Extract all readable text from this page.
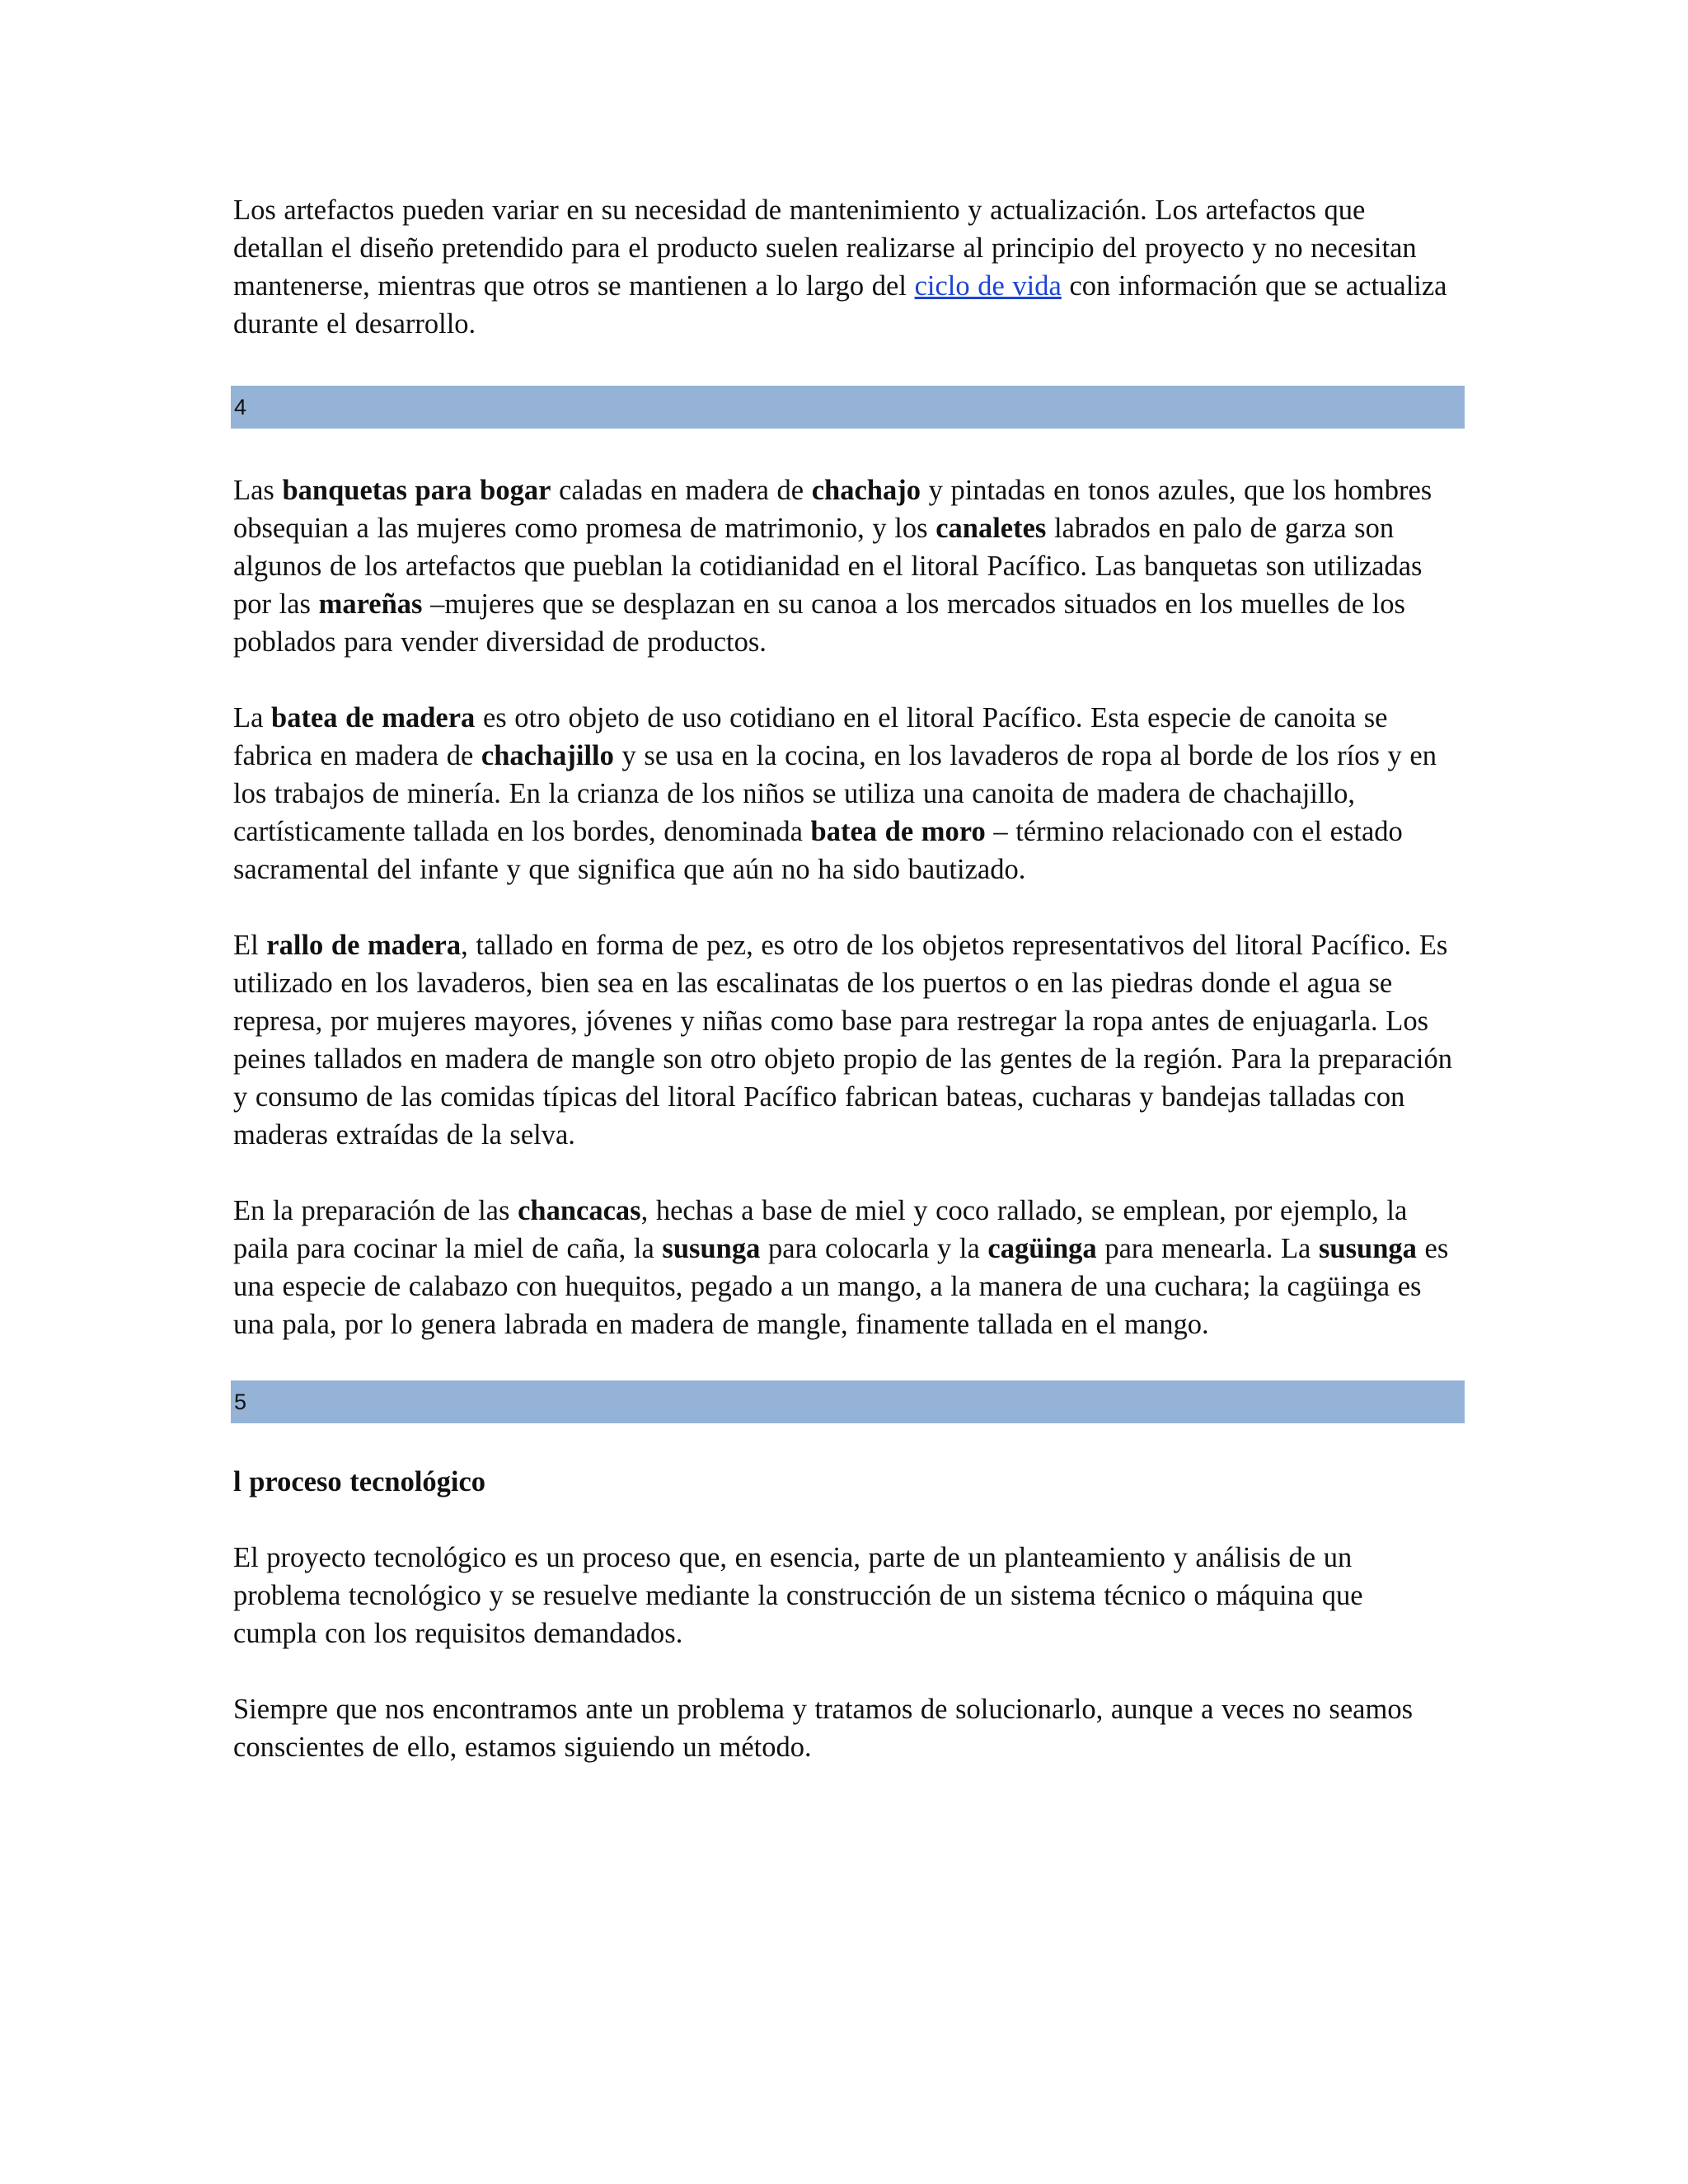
Los artefactos pueden variar en su necesidad de mantenimiento y actualización. Los artefactos que detallan el diseño pretendido para el producto suelen realizarse al principio del proyecto y no necesitan mantenerse, mientras que otros se mantienen a lo largo del ciclo de vida con información que se actualiza durante el desarrollo.

4

Las banquetas para bogar caladas en madera de chachajo y pintadas en tonos azules, que los hombres obsequian a las mujeres como promesa de matrimonio, y los canaletes labrados en palo de garza son algunos de los artefactos que pueblan la cotidianidad en el litoral Pacífico. Las banquetas son utilizadas por las mareñas –mujeres que se desplazan en su canoa a los mercados situados en los muelles de los poblados para vender diversidad de productos.

La batea de madera es otro objeto de uso cotidiano en el litoral Pacífico. Esta especie de canoita se fabrica en madera de chachajillo y se usa en la cocina, en los lavaderos de ropa al borde de los ríos y en los trabajos de minería. En la crianza de los niños se utiliza una canoita de madera de chachajillo, cartísticamente tallada en los bordes, denominada batea de moro – término relacionado con el estado sacramental del infante y que significa que aún no ha sido bautizado.

El rallo de madera, tallado en forma de pez, es otro de los objetos representativos del litoral Pacífico. Es utilizado en los lavaderos, bien sea en las escalinatas de los puertos o en las piedras donde el agua se represa, por mujeres mayores, jóvenes y niñas como base para restregar la ropa antes de enjuagarla. Los peines tallados en madera de mangle son otro objeto propio de las gentes de la región. Para la preparación y consumo de las comidas típicas del litoral Pacífico fabrican bateas, cucharas y bandejas talladas con maderas extraídas de la selva.

En la preparación de las chancacas, hechas a base de miel y coco rallado, se emplean, por ejemplo, la paila para cocinar la miel de caña, la susunga para colocarla y la cagüinga para menearla. La susunga es una especie de calabazo con huequitos, pegado a un mango, a la manera de una cuchara; la cagüinga es una pala, por lo genera labrada en madera de mangle, finamente tallada en el mango.

5

l proceso tecnológico

El proyecto tecnológico es un proceso que, en esencia, parte de un planteamiento y análisis de un problema tecnológico y se resuelve mediante la construcción de un sistema técnico o máquina que cumpla con los requisitos demandados.

Siempre que nos encontramos ante un problema y tratamos de solucionarlo, aunque a veces no seamos conscientes de ello, estamos siguiendo un método.
